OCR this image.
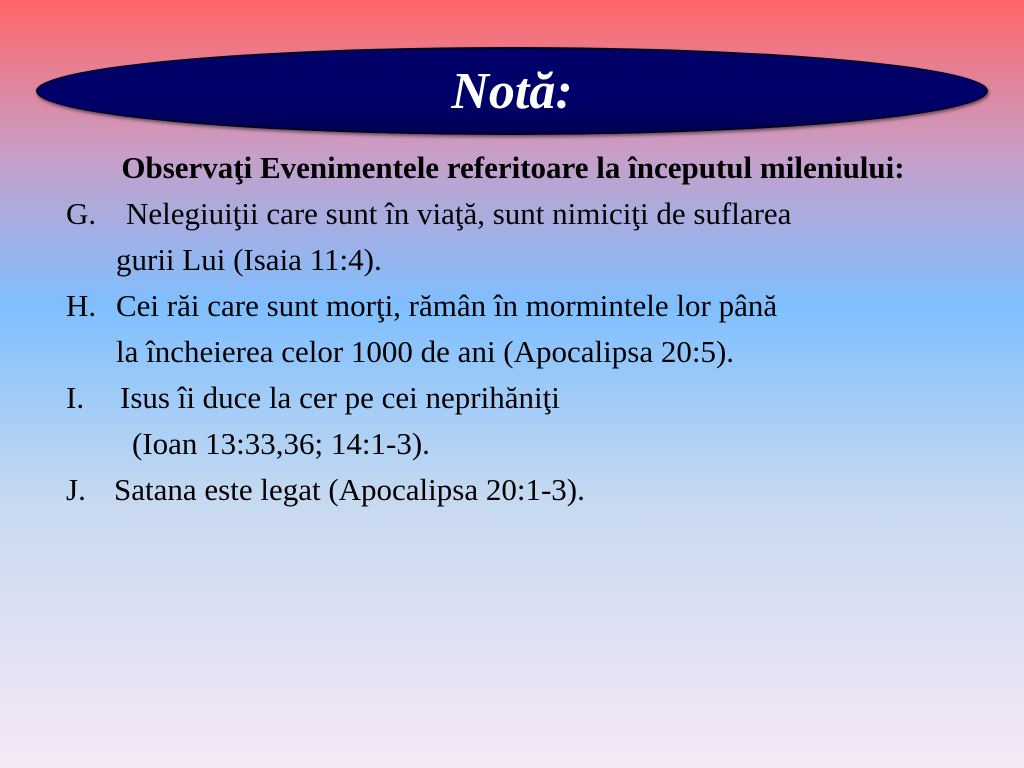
Notă:
Observaţi Evenimentele referitoare la începutul mileniului:
G. Nelegiuiţii care sunt în viaţă, sunt nimiciţi de suflarea
gurii Lui (Isaia 11:4).
H. Cei răi care sunt morţi, rămân în mormintele lor până
la încheierea celor 1000 de ani (Apocalipsa 20:5).
I.	Isus îi duce la cer pe cei neprihăniţi
(Ioan 13:33,36; 14:1-3).
J. Satana este legat (Apocalipsa 20:1-3).
